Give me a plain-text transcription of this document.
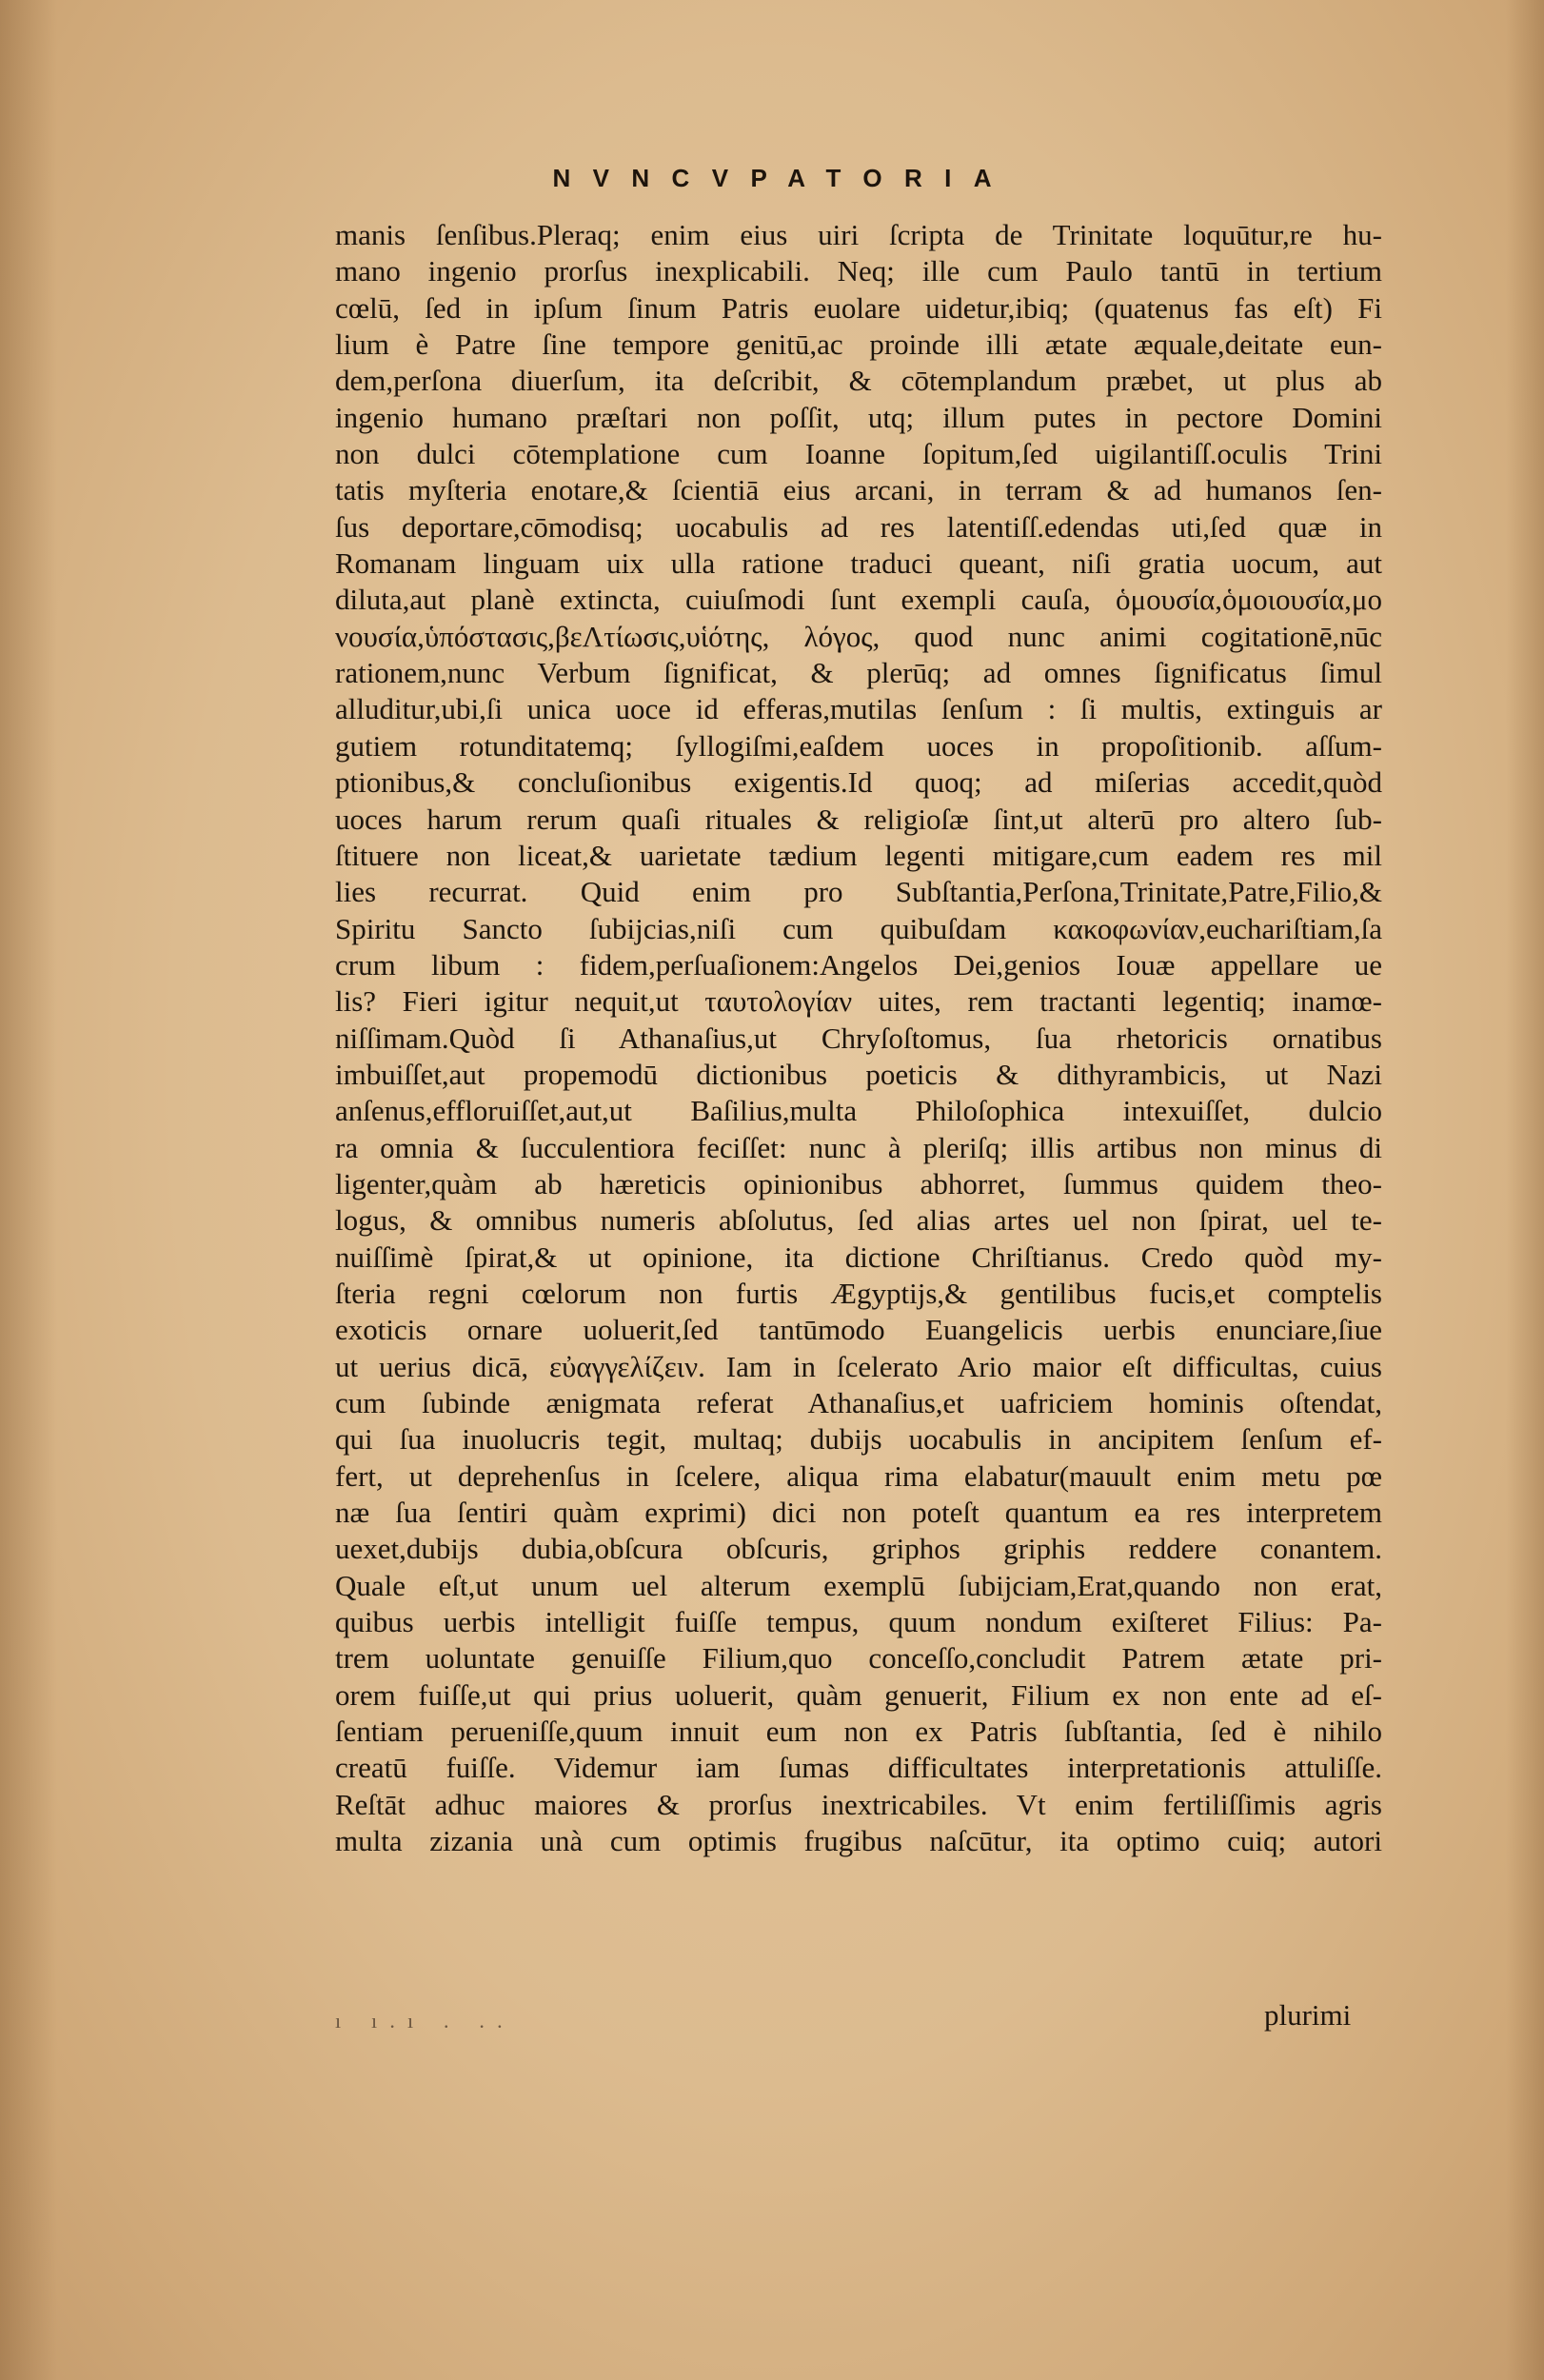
NVNCVPATORIA
manis ſenſibus.Pleraq; enim eius uiri ſcripta de Trinitate loquūtur,re hu-
mano ingenio prorſus inexplicabili. Neq; ille cum Paulo tantū in tertium
cœlū, ſed in ipſum ſinum Patris euolare uidetur,ibiq; (quatenus fas eſt) Fi
lium è Patre ſine tempore genitū,ac proinde illi ætate æquale,deitate eun-
dem,perſona diuerſum, ita deſcribit, & cōtemplandum præbet, ut plus ab
ingenio humano præſtari non poſſit, utq; illum putes in pectore Domini
non dulci cōtemplatione cum Ioanne ſopitum,ſed uigilantiſſ.oculis Trini
tatis myſteria enotare,& ſcientiā eius arcani, in terram & ad humanos ſen-
ſus deportare,cōmodisq; uocabulis ad res latentiſſ.edendas uti,ſed quæ in
Romanam linguam uix ulla ratione traduci queant, niſi gratia uocum, aut
diluta,aut planè extincta, cuiuſmodi ſunt exempli cauſa, ὁμουσία,ὁμοιουσία,μο
νουσία,ὑπόστασις,βεΛτίωσις,υἱότης, λόγος, quod nunc animi cogitationē,nūc
rationem,nunc Verbum ſignificat, & plerūq; ad omnes ſignificatus ſimul
alluditur,ubi,ſi unica uoce id efferas,mutilas ſenſum : ſi multis, extinguis ar
gutiem rotunditatemq; ſyllogiſmi,eaſdem uoces in propoſitionib. aſſum-
ptionibus,& concluſionibus exigentis.Id quoq; ad miſerias accedit,quòd
uoces harum rerum quaſi rituales & religioſæ ſint,ut alterū pro altero ſub-
ſtituere non liceat,& uarietate tædium legenti mitigare,cum eadem res mil
lies recurrat. Quid enim pro Subſtantia,Perſona,Trinitate,Patre,Filio,&
Spiritu Sancto ſubijcias,niſi cum quibuſdam κακοφωνίαν,euchariſtiam,ſa
crum libum : fidem,perſuaſionem:Angelos Dei,genios Iouæ appellare ue
lis? Fieri igitur nequit,ut ταυτολογίαν uites, rem tractanti legentiq; inamœ-
niſſimam.Quòd ſi Athanaſius,ut Chryſoſtomus, ſua rhetoricis ornatibus
imbuiſſet,aut propemodū dictionibus poeticis & dithyrambicis, ut Nazi
anſenus,effloruiſſet,aut,ut Baſilius,multa Philoſophica intexuiſſet, dulcio
ra omnia & ſucculentiora feciſſet: nunc à pleriſq; illis artibus non minus di
ligenter,quàm ab hæreticis opinionibus abhorret, ſummus quidem theo-
logus, & omnibus numeris abſolutus, ſed alias artes uel non ſpirat, uel te-
nuiſſimè ſpirat,& ut opinione, ita dictione Chriſtianus. Credo quòd my-
ſteria regni cœlorum non furtis Ægyptijs,& gentilibus fucis,et comptelis
exoticis ornare uoluerit,ſed tantūmodo Euangelicis uerbis enunciare,ſiue
ut uerius dicā, εὐαγγελίζειν. Iam in ſcelerato Ario maior eſt difficultas, cuius
cum ſubinde ænigmata referat Athanaſius,et uafriciem hominis oſtendat,
qui ſua inuolucris tegit, multaq; dubijs uocabulis in ancipitem ſenſum ef-
fert, ut deprehenſus in ſcelere, aliqua rima elabatur(mauult enim metu pœ
næ ſua ſentiri quàm exprimi) dici non poteſt quantum ea res interpretem
uexet,dubijs dubia,obſcura obſcuris, griphos griphis reddere conantem.
Quale eſt,ut unum uel alterum exemplū ſubijciam,Erat,quando non erat,
quibus uerbis intelligit fuiſſe tempus, quum nondum exiſteret Filius: Pa-
trem uoluntate genuiſſe Filium,quo conceſſo,concludit Patrem ætate pri-
orem fuiſſe,ut qui prius uoluerit, quàm genuerit, Filium ex non ente ad eſ-
ſentiam perueniſſe,quum innuit eum non ex Patris ſubſtantia, ſed è nihilo
creatū fuiſſe. Videmur iam ſumas difficultates interpretationis attuliſſe.
Reſtāt adhuc maiores & prorſus inextricabiles. Vt enim fertiliſſimis agris
multa zizania unà cum optimis frugibus naſcūtur, ita optimo cuiq; autori
ı ı.ı . ..	plurimi
